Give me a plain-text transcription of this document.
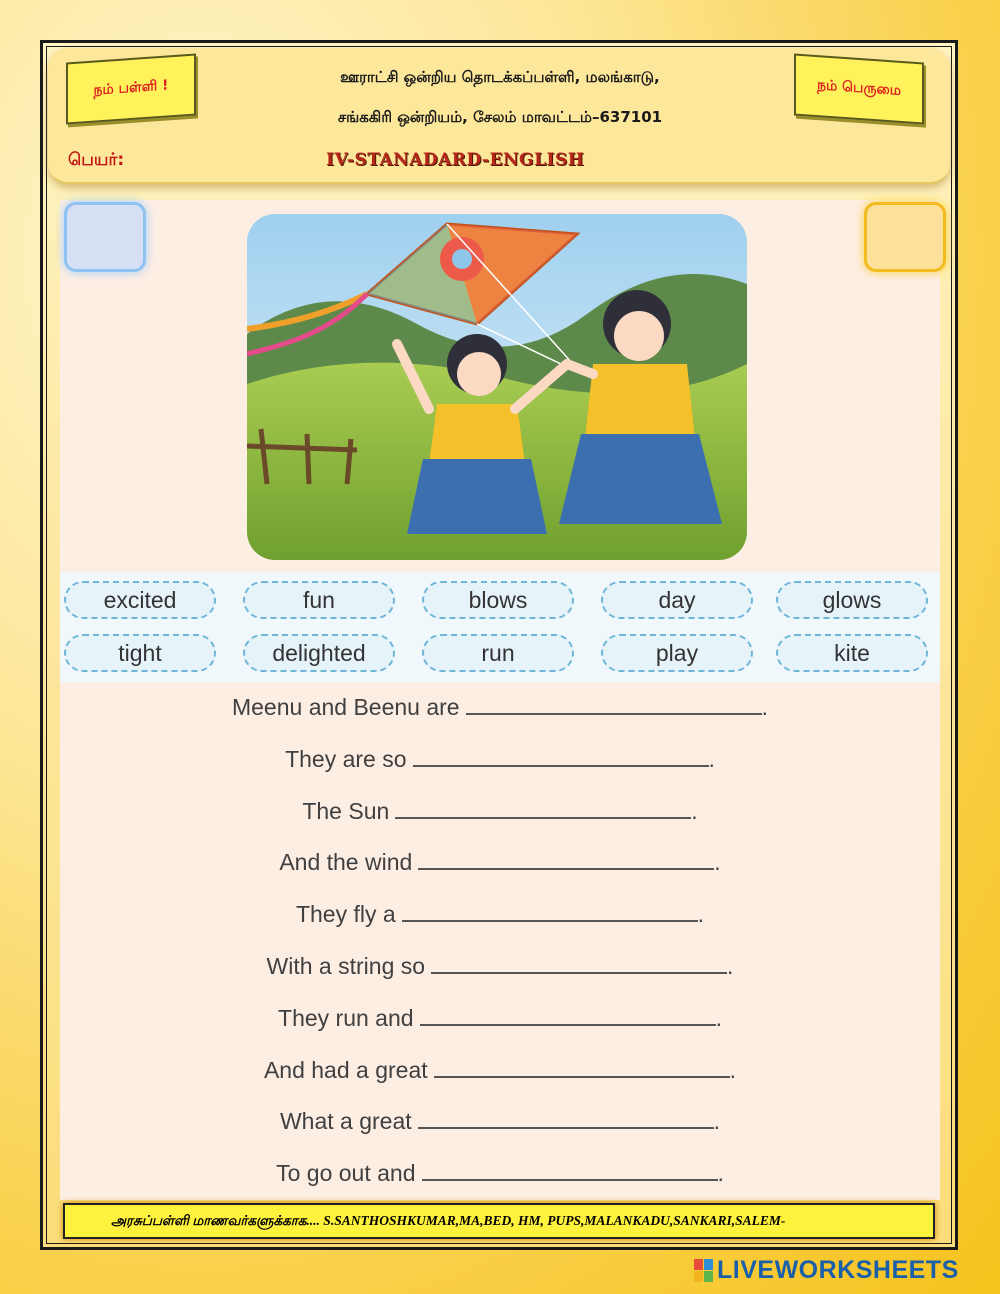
நம் பள்ளி !	நம் பெருமை
ஊராட்சி ஒன்றிய தொடக்கப்பள்ளி, மலங்காடு,
சங்ககிரி ஒன்றியம், சேலம் மாவட்டம்–637101
பெயர்:	IV-STANADARD-ENGLISH
excited	fun	blows	day	glows
tight	delighted	run	play	kite
Meenu and Beenu are	.
They are so	.
The Sun	.
And the wind	.
They fly a	.
With a string so	.
They run and	.
And had a great	.
What a great	.
To go out and	.
அரசுப்பள்ளி மாணவர்களுக்காக.... S.SANTHOSHKUMAR,MA,BED, HM, PUPS,MALANKADU,SANKARI,SALEM-
LIVEWORKSHEETS
